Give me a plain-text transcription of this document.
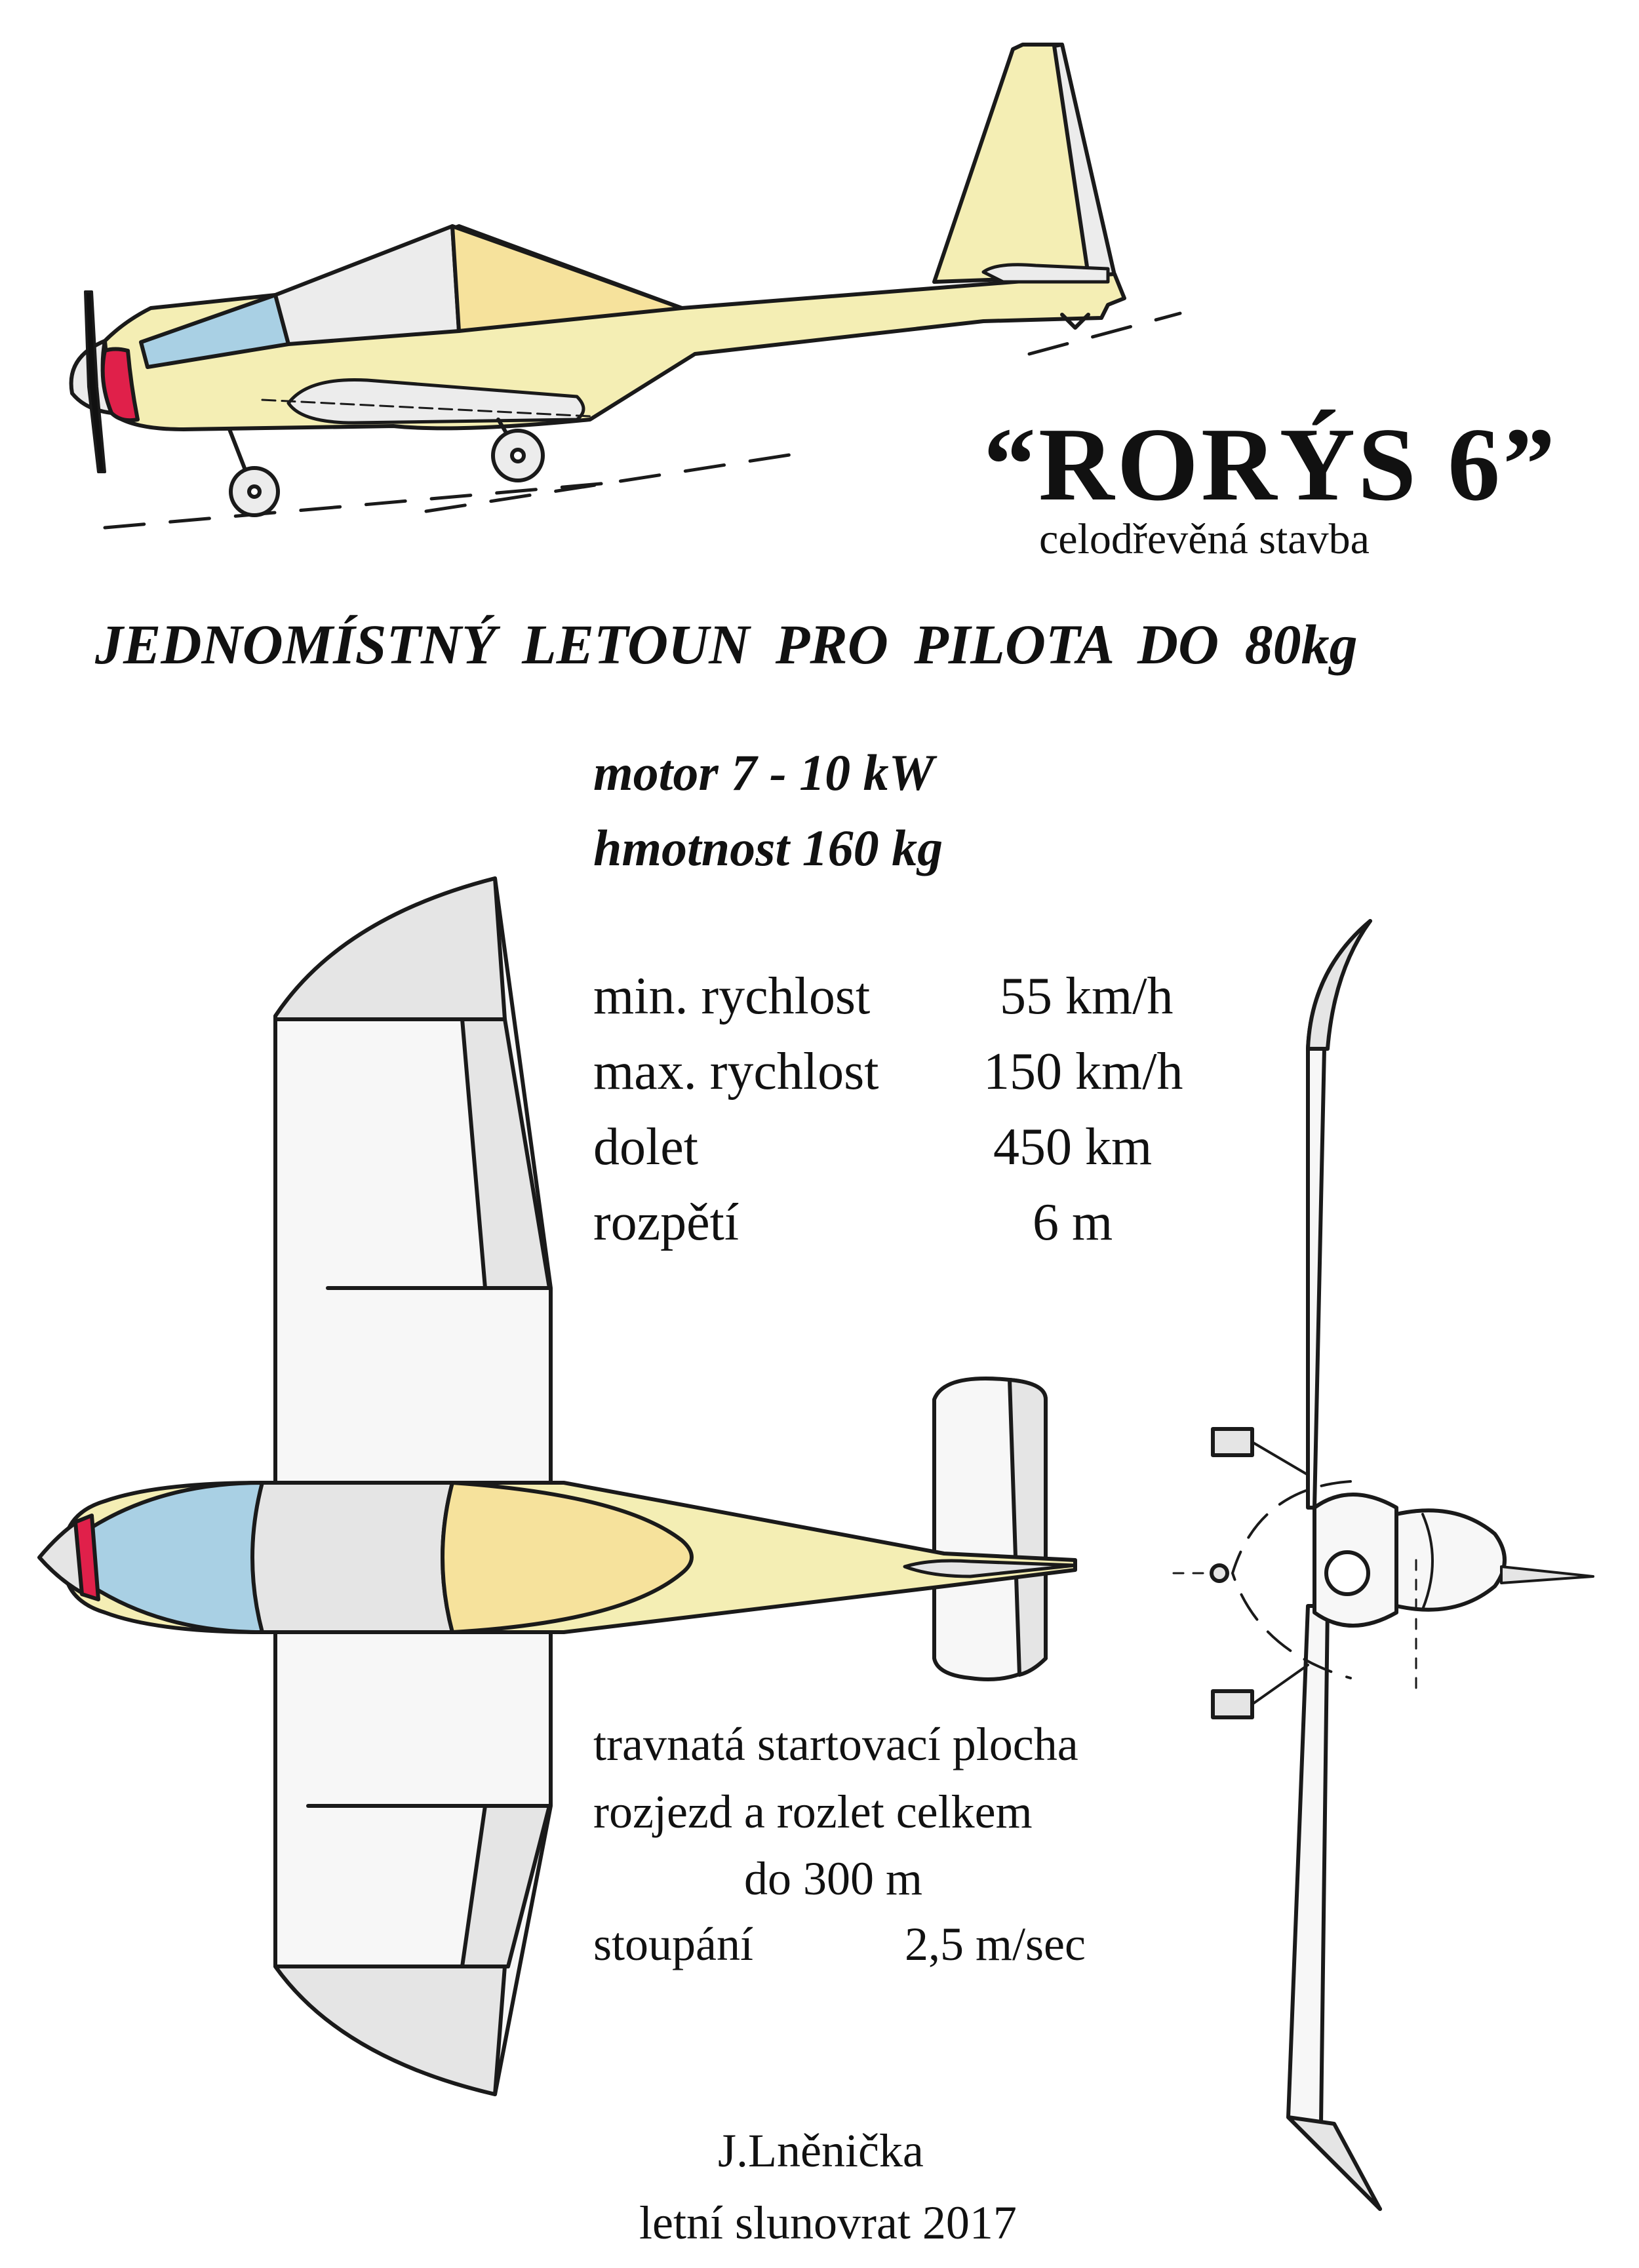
“RORÝS 6”
celodřevěná stavba
JEDNOMÍSTNÝ LETOUN PRO PILOTA DO 80kg
motor 7 - 10 kW
hmotnost 160 kg
min. rychlost 55 km/h
max. rychlost 150 km/h
dolet	450 km
rozpětí	6 m
travnatá startovací plocha
rozjezd a rozlet celkem
do 300 m
stoupání	2,5 m/sec
J.Lněnička
letní slunovrat 2017
